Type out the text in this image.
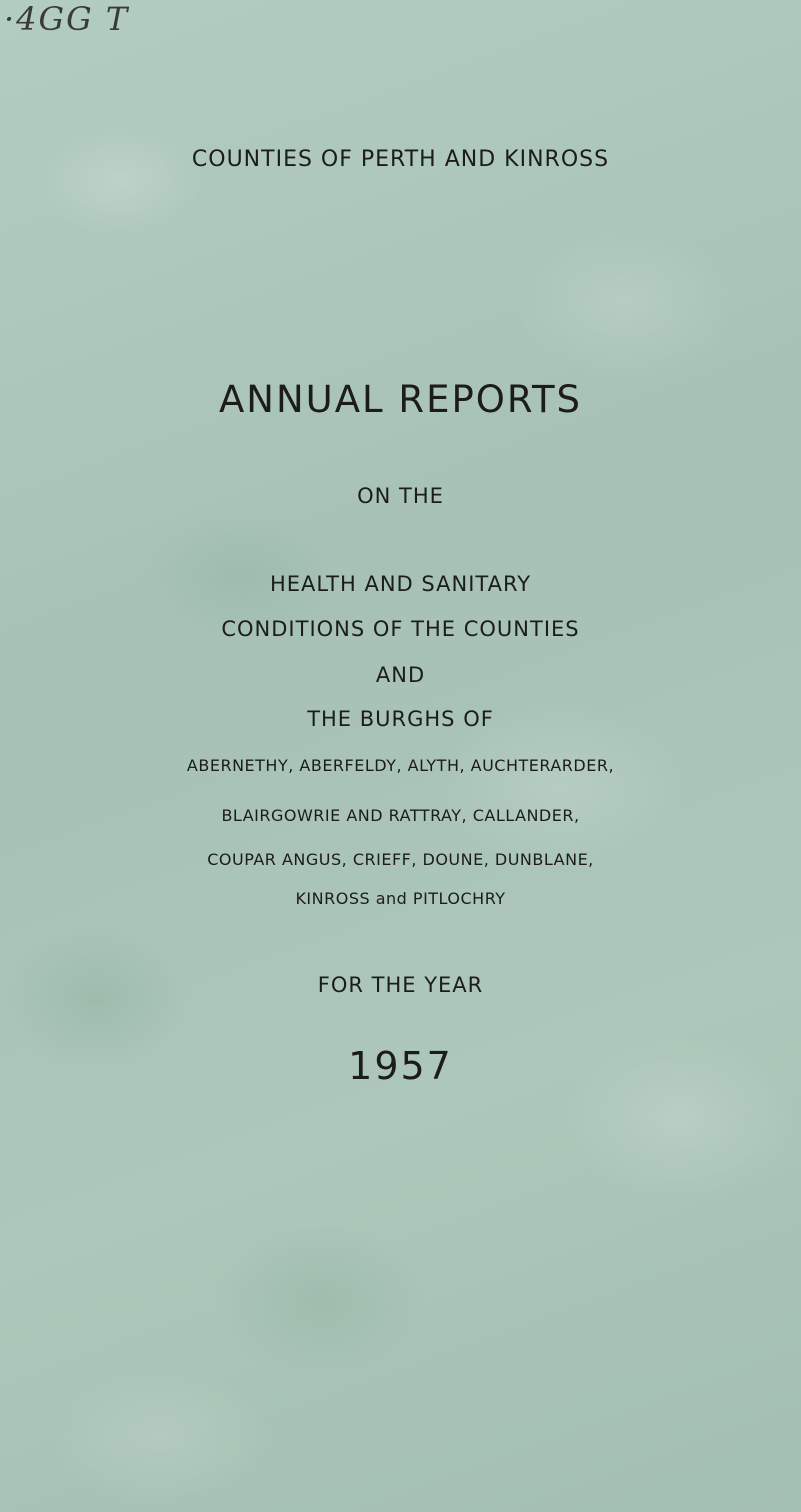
·4GG T
COUNTIES OF PERTH AND KINROSS
ANNUAL REPORTS
ON THE
HEALTH AND SANITARY
CONDITIONS OF THE COUNTIES
AND
THE BURGHS OF
ABERNETHY, ABERFELDY, ALYTH, AUCHTERARDER,
BLAIRGOWRIE AND RATTRAY, CALLANDER,
COUPAR ANGUS, CRIEFF, DOUNE, DUNBLANE,
KINROSS and PITLOCHRY
FOR THE YEAR
1957
